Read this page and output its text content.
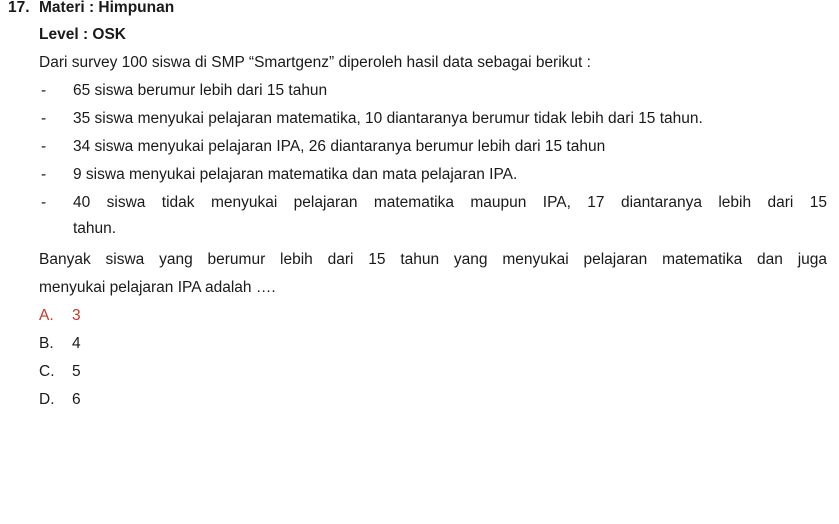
17. Materi : Himpunan
Level : OSK
Dari survey 100 siswa di SMP “Smartgenz” diperoleh hasil data sebagai berikut :
- 65 siswa berumur lebih dari 15 tahun
- 35 siswa menyukai pelajaran matematika, 10 diantaranya berumur tidak lebih dari 15 tahun.
- 34 siswa menyukai pelajaran IPA, 26 diantaranya berumur lebih dari 15 tahun
- 9 siswa menyukai pelajaran matematika dan mata pelajaran IPA.
- 40 siswa tidak menyukai pelajaran matematika maupun IPA, 17 diantaranya lebih dari 15
tahun.
Banyak siswa yang berumur lebih dari 15 tahun yang menyukai pelajaran matematika dan juga
menyukai pelajaran IPA adalah ….
A. 3
B. 4
C. 5
D. 6
